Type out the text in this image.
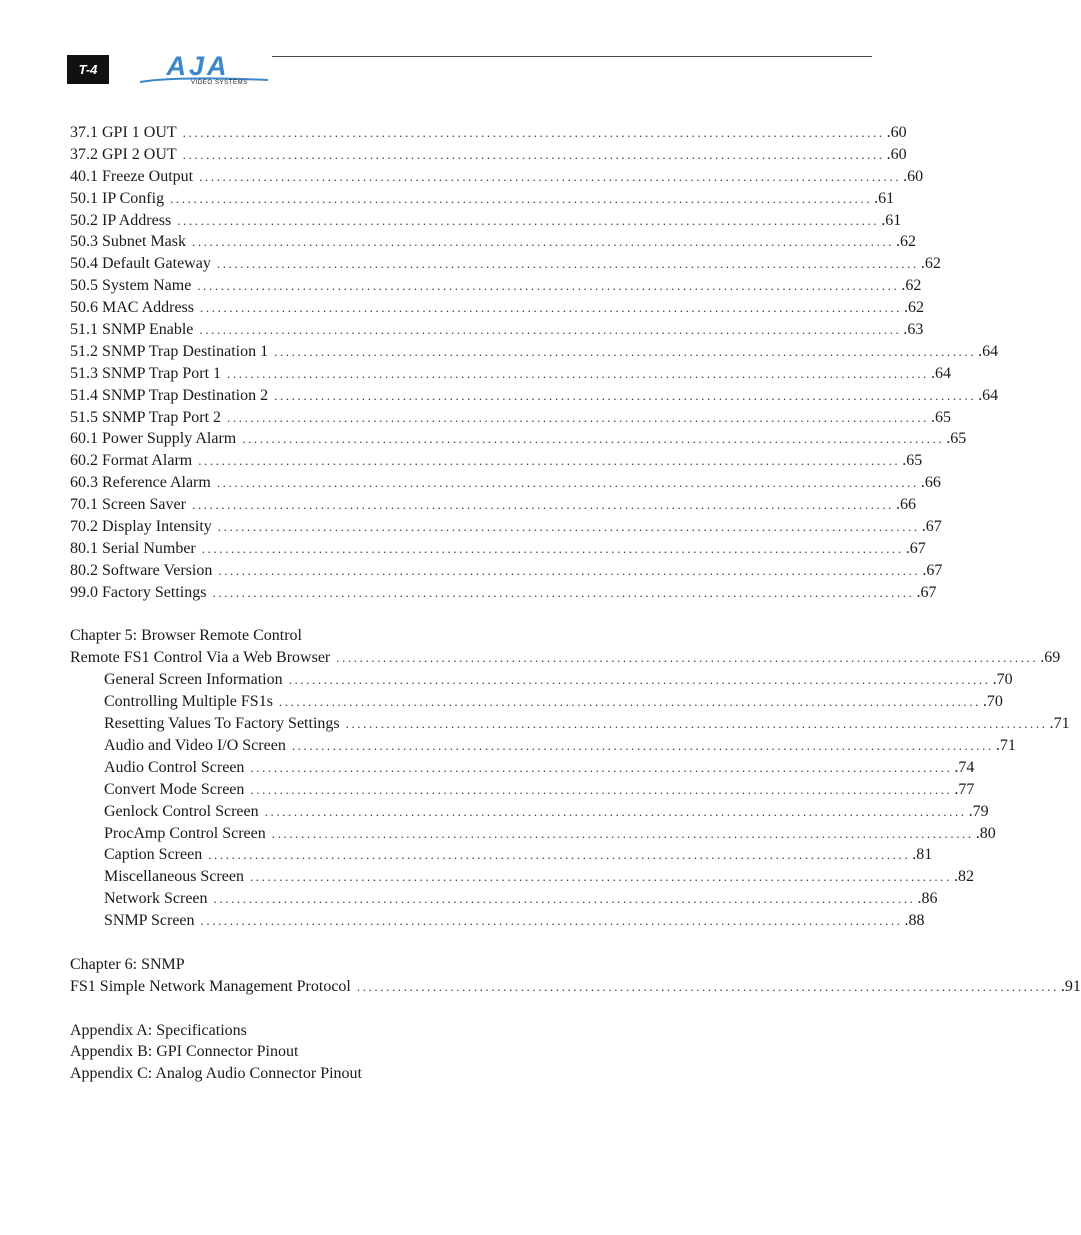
T-4	AJA
VIDEO SYSTEMS
37.1 GPI 1 OUT ........................................................................................................................ .60
37.2 GPI 2 OUT ........................................................................................................................ .60
40.1 Freeze Output ........................................................................................................................ .60
50.1 IP Config ........................................................................................................................ .61
50.2 IP Address ........................................................................................................................ .61
50.3 Subnet Mask ........................................................................................................................ .62
50.4 Default Gateway ........................................................................................................................ .62
50.5 System Name ........................................................................................................................ .62
50.6 MAC Address ........................................................................................................................ .62
51.1 SNMP Enable ........................................................................................................................ .63
51.2 SNMP Trap Destination 1 ........................................................................................................................ .64
51.3 SNMP Trap Port 1 ........................................................................................................................ .64
51.4 SNMP Trap Destination 2 ........................................................................................................................ .64
51.5 SNMP Trap Port 2 ........................................................................................................................ .65
60.1 Power Supply Alarm ........................................................................................................................ .65
60.2 Format Alarm ........................................................................................................................ .65
60.3 Reference Alarm ........................................................................................................................ .66
70.1 Screen Saver ........................................................................................................................ .66
70.2 Display Intensity ........................................................................................................................ .67
80.1 Serial Number ........................................................................................................................ .67
80.2 Software Version ........................................................................................................................ .67
99.0 Factory Settings ........................................................................................................................ .67
Chapter 5: Browser Remote Control
Remote FS1 Control Via a Web Browser ........................................................................................................................ .69
General Screen Information ........................................................................................................................ .70
Controlling Multiple FS1s ........................................................................................................................ .70
Resetting Values To Factory Settings ........................................................................................................................ .71
Audio and Video I/O Screen ........................................................................................................................ .71
Audio Control Screen ........................................................................................................................ .74
Convert Mode Screen ........................................................................................................................ .77
Genlock Control Screen ........................................................................................................................ .79
ProcAmp Control Screen ........................................................................................................................ .80
Caption Screen ........................................................................................................................ .81
Miscellaneous Screen ........................................................................................................................ .82
Network Screen ........................................................................................................................ .86
SNMP Screen ........................................................................................................................ .88
Chapter 6: SNMP
FS1 Simple Network Management Protocol ........................................................................................................................ .91
Appendix A: Specifications
Appendix B: GPI Connector Pinout
Appendix C: Analog Audio Connector Pinout
